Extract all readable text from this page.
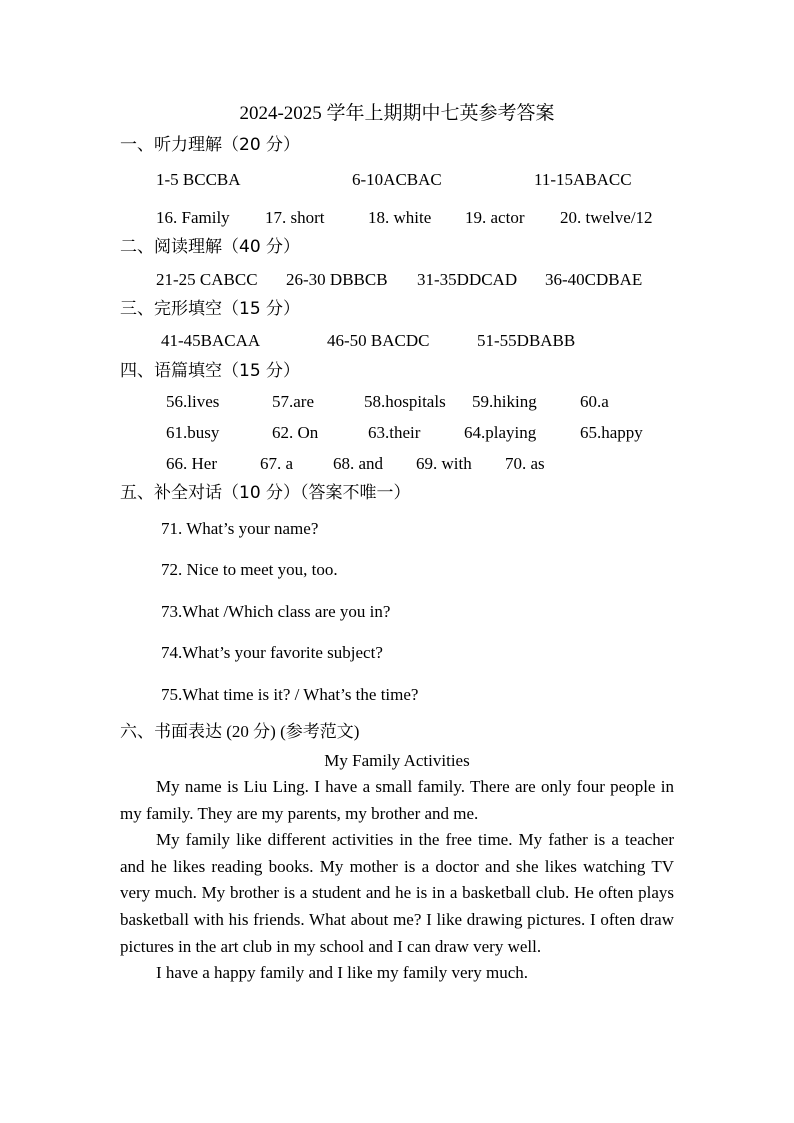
2024-2025 学年上期期中七英参考答案
一、听力理解（20 分）
1-5 BCCBA	6-10ACBAC	11-15ABACC
16. Family 17. short	18. white 19. actor 20. twelve/12
二、阅读理解（40 分）
21-25 CABCC 26-30 DBBCB 31-35DDCAD 36-40CDBAE
三、完形填空（15 分）
41-45BACAA	46-50 BACDC	51-55DBABB
四、语篇填空（15 分）
56.lives	57.are	58.hospitals 59.hiking	60.a
61.busy	62. On	63.their	64.playing	65.happy
66. Her	67. a 68. and 69. with 70. as
五、补全对话（10 分）（答案不唯一）
71. What’s your name?
72. Nice to meet you, too.
73.What /Which class are you in?
74.What’s your favorite subject?
75.What time is it? / What’s the time?
六、书面表达 (20 分) (参考范文)
My Family Activities

My name is Liu Ling. I have a small family. There are only four people in my family. They are my parents, my brother and me.

My family like different activities in the free time. My father is a teacher and he likes reading books. My mother is a doctor and she likes watching TV very much. My brother is a student and he is in a basketball club. He often plays basketball with his friends. What about me? I like drawing pictures. I often draw pictures in the art club in my school and I can draw very well.

I have a happy family and I like my family very much.
